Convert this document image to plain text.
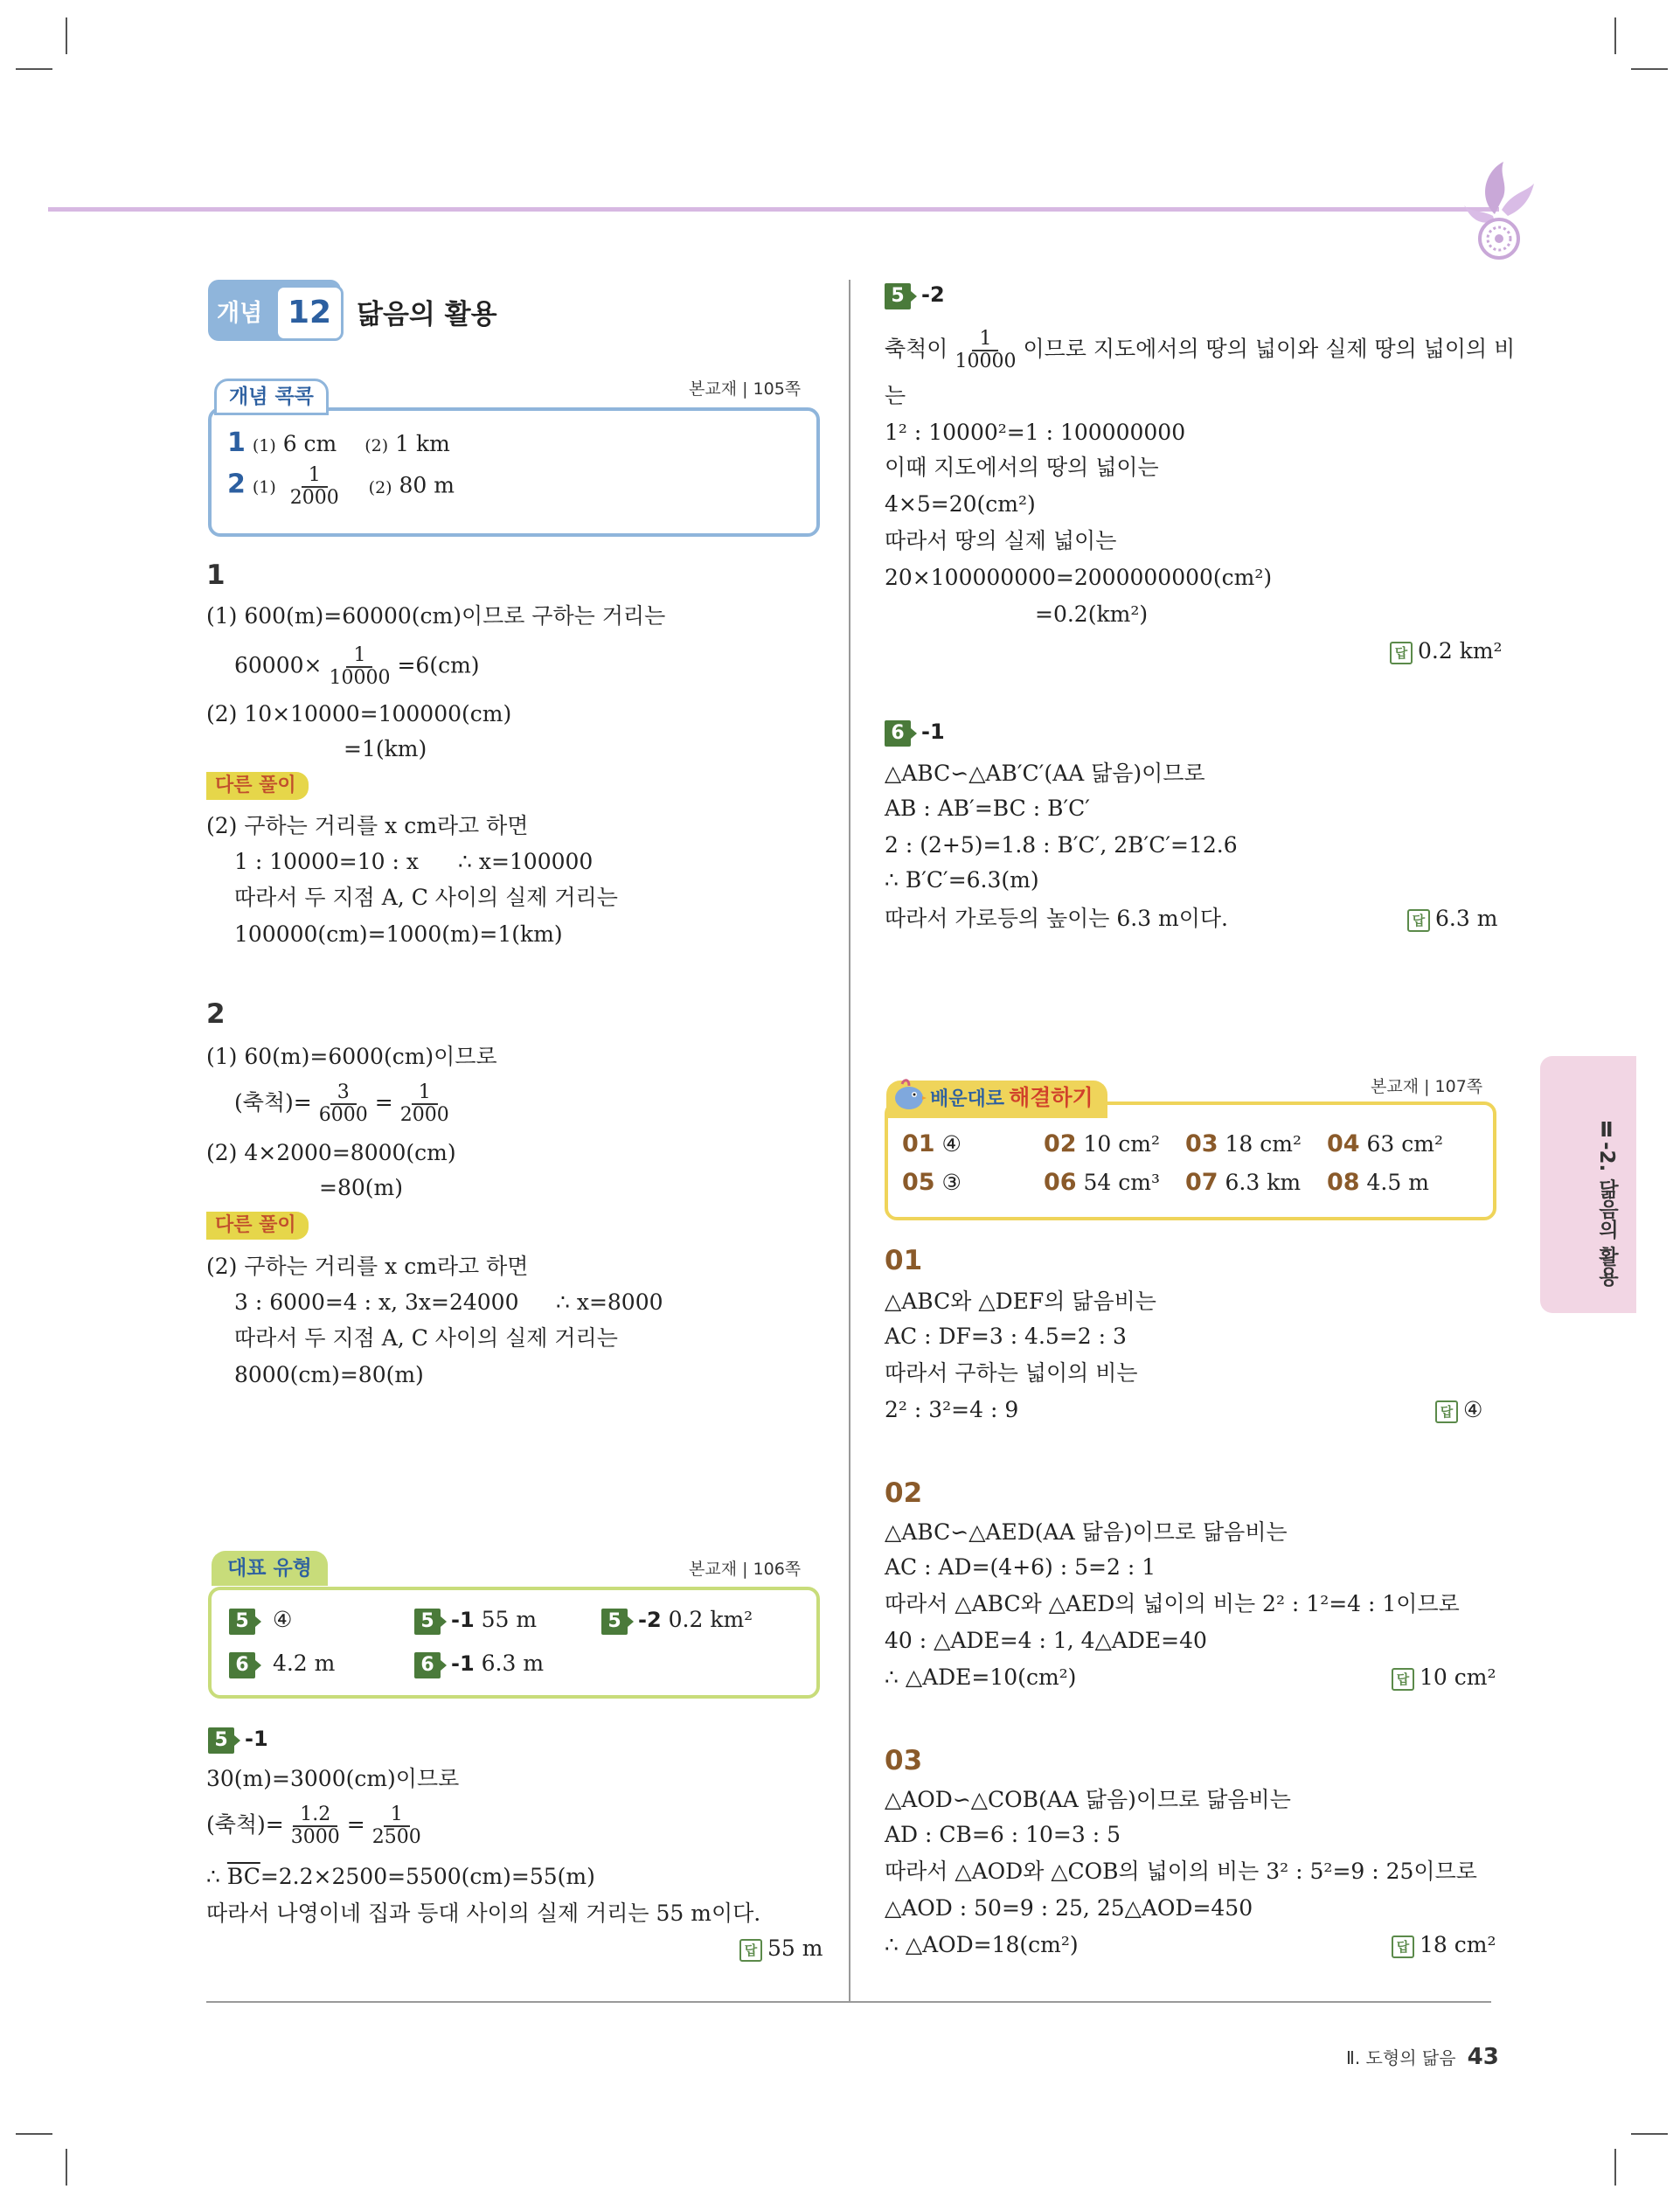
개념 12 닮음의 활용
개념 콕콕	본교재 | 105쪽
1 (1) 6 cm (2) 1 km
2 $(1) \frac{1}{2000} (2)$ 80 m
1
(1) 600(m)=60000(cm)이므로 구하는 거리는
$60000\times \frac{1}{10000} =6(cm)$
(2) 10×10000=100000(cm)
=1(km)
다른 풀이
(2) 구하는 거리를 x cm라고 하면
1 : 10000=10 : x ∴ x=100000
따라서 두 지점 A, C 사이의 실제 거리는
100000(cm)=1000(m)=1(km)
2
(1) 60(m)=6000(cm)이므로
(축척)= $\frac{3}{6000} = \frac{1}{2000}$
(2) 4×2000=8000(cm)
=80(m)
다른 풀이
(2) 구하는 거리를 x cm라고 하면
3 : 6000=4 : x, 3x=24000 ∴ x=8000
따라서 두 지점 A, C 사이의 실제 거리는
8000(cm)=80(m)
대표 유형	본교재 | 106쪽
5 ④	5 -1 55 m	5 -2 0.2 km²
6 4.2 m	6 -1 6.3 m
5 -1
30(m)=3000(cm)이므로
(축척)= $\frac{1.2}{3000} = \frac{1}{2500}$
∴ $\overline{BC}=2.2\times 2500=5500(cm)=55(m)$
따라서 나영이네 집과 등대 사이의 실제 거리는 55 m이다.
답 55 m
5 -2
축척이 $\frac{1}{10000}$ 이므로 지도에서의 땅의 넓이와 실제 땅의 넓이의 비
는
1² : 10000²=1 : 100000000
이때 지도에서의 땅의 넓이는
4×5=20(cm²)
따라서 땅의 실제 넓이는
20×100000000=2000000000(cm²)
=0.2(km²)
답 0.2 km²
6 -1
△ABC∽△AB′C′(AA 닮음)이므로
AB : AB′=BC : B′C′
2 : (2+5)=1.8 : B′C′, 2B′C′=12.6
∴ B′C′=6.3(m)
따라서 가로등의 높이는 6.3 m이다.	답 6.3 m
배운대로 해결하기	본교재 | 107쪽
01 ④	02 10 cm² 03 18 cm² 04 63 cm²
05 ③	06 54 cm³ 07 6.3 km 08 4.5 m
01
△ABC와 △DEF의 닮음비는
AC : DF=3 : 4.5=2 : 3
따라서 구하는 넓이의 비는
2² : 3²=4 : 9	답 ④
02
△ABC∽△AED(AA 닮음)이므로 닮음비는
AC : AD=(4+6) : 5=2 : 1
따라서 △ABC와 △AED의 넓이의 비는 2² : 1²=4 : 1이므로
40 : △ADE=4 : 1, 4△ADE=40
∴ △ADE=10(cm²)	답 10 cm²
03
△AOD∽△COB(AA 닮음)이므로 닮음비는
AD : CB=6 : 10=3 : 5
따라서 △AOD와 △COB의 넓이의 비는 3² : 5²=9 : 25이므로
△AOD : 50=9 : 25, 25△AOD=450
∴ △AOD=18(cm²)	답 18 cm²
Ⅱ-2. 닮음의 활용
Ⅱ. 도형의 닮음 43
